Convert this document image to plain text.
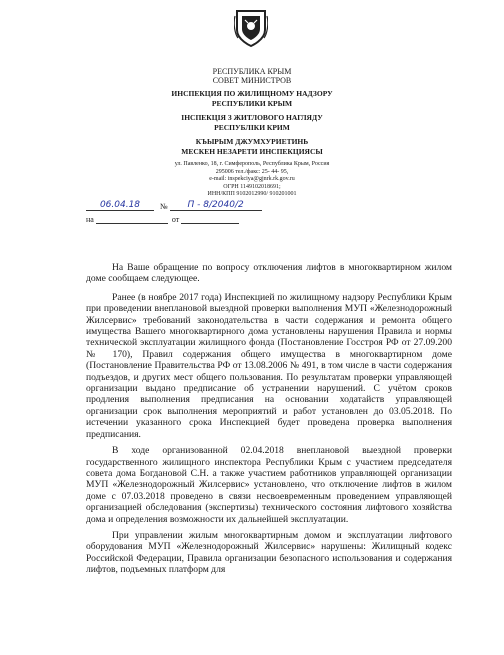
РЕСПУБЛИКА КРЫМ
СОВЕТ МИНИСТРОВ
ИНСПЕКЦИЯ ПО ЖИЛИЩНОМУ НАДЗОРУ
РЕСПУБЛИКИ КРЫМ
ІНСПЕКЦІЯ З ЖИТЛОВОГО НАГЛЯДУ
РЕСПУБЛІКИ КРИМ
КЪЫРЫМ ДЖУМХУРИЕТИНЬ
МЕСКЕН НЕЗАРЕТИ ИНСПЕКЦИЯСЫ
ул. Павленко, 18, г. Симферополь, Республика Крым, Россия
295006 тел./факс: 25- 44- 95,
e-mail: inspekciya@gjnrk.rk.gov.ru
ОГРН 1149102018691;
ИНН/КПП 9102012990/ 910201001
06.04.18 № П - 8/2040/2
на	от

На Ваше обращение по вопросу отключения лифтов в многоквартирном жилом доме сообщаем следующее.

Ранее (в ноябре 2017 года) Инспекцией по жилищному надзору Республики Крым при проведении внеплановой выездной проверки выполнения МУП «Железнодорожный Жилсервис» требований законодательства в части содержания и ремонта общего имущества Вашего многоквартирного дома установлены нарушения Правила и нормы технической эксплуатации жилищного фонда (Постановление Госстроя РФ от 27.09.200 № 170), Правил содержания общего имущества в многоквартирном доме (Постановление Правительства РФ от 13.08.2006 № 491, в том числе в части содержания подъездов, и других мест общего пользования. По результатам проверки управляющей организации выдано предписание об устранении нарушений. С учётом сроков продления выполнения предписания на основании ходатайств управляющей организации срок выполнения мероприятий и работ установлен до 03.05.2018. По истечении указанного срока Инспекцией будет проведена проверка выполнения предписания.

В ходе организованной 02.04.2018 внеплановой выездной проверки государственного жилищного инспектора Республики Крым с участием председателя совета дома Богдановой С.Н. а также участием работников управляющей организации МУП «Железнодорожный Жилсервис» установлено, что отключение лифтов в жилом доме с 07.03.2018 проведено в связи несвоевременным проведением управляющей организацией обследования (экспертизы) технического состояния лифтового хозяйства дома и определения возможности их дальнейшей эксплуатации.

При управлении жилым многоквартирным домом и эксплуатации лифтового оборудования МУП «Железнодорожный Жилсервис» нарушены: Жилищный кодекс Российской Федерации, Правила организации безопасного использования и содержания лифтов, подъемных платформ для
